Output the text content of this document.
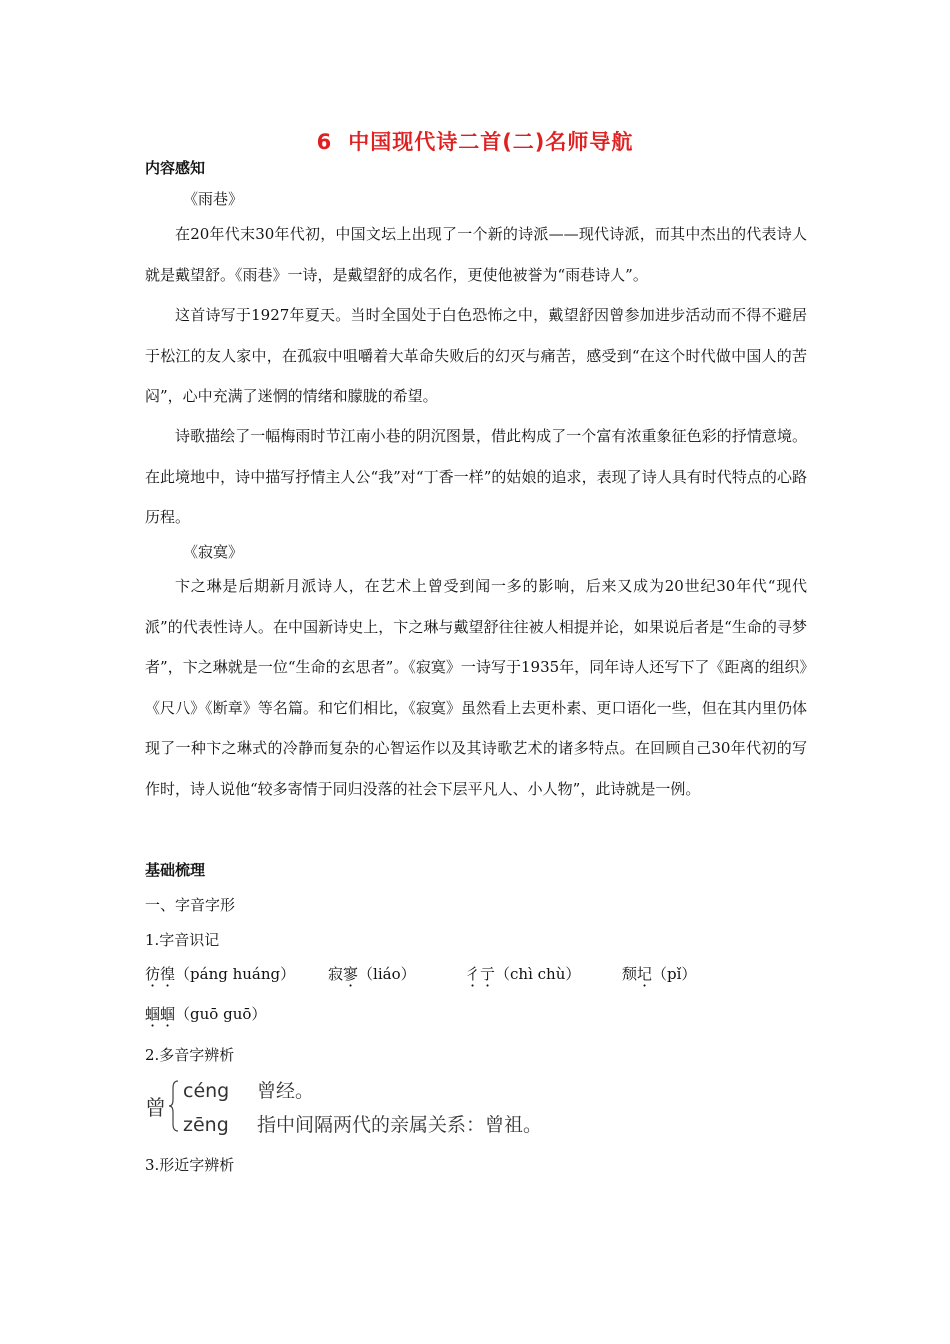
6 中国现代诗二首(二)名师导航
内容感知
《雨巷》

在20年代末30年代初，中国文坛上出现了一个新的诗派——现代诗派，而其中杰出的代表诗人就是戴望舒。《雨巷》一诗，是戴望舒的成名作，更使他被誉为“雨巷诗人”。

这首诗写于1927年夏天。当时全国处于白色恐怖之中，戴望舒因曾参加进步活动而不得不避居于松江的友人家中，在孤寂中咀嚼着大革命失败后的幻灭与痛苦，感受到“在这个时代做中国人的苦闷”，心中充满了迷惘的情绪和朦胧的希望。

诗歌描绘了一幅梅雨时节江南小巷的阴沉图景，借此构成了一个富有浓重象征色彩的抒情意境。在此境地中，诗中描写抒情主人公“我”对“丁香一样”的姑娘的追求，表现了诗人具有时代特点的心路历程。

《寂寞》

卞之琳是后期新月派诗人，在艺术上曾受到闻一多的影响，后来又成为20世纪30年代“现代派”的代表性诗人。在中国新诗史上，卞之琳与戴望舒往往被人相提并论，如果说后者是“生命的寻梦者”，卞之琳就是一位“生命的玄思者”。《寂寞》一诗写于1935年，同年诗人还写下了《距离的组织》《尺八》《断章》等名篇。和它们相比，《寂寞》虽然看上去更朴素、更口语化一些，但在其内里仍体现了一种卞之琳式的冷静而复杂的心智运作以及其诗歌艺术的诸多特点。在回顾自己30年代初的写作时，诗人说他“较多寄情于同归没落的社会下层平凡人、小人物”，此诗就是一例。

基础梳理
一、字音字形
1.字音识记
彷徨（páng huáng） 寂寥（liáo）	彳亍（chì chù）	颓圮（pǐ）
蝈蝈（guō guō）
2.多音字辨析
曾
céng 曾经。
zēng 指中间隔两代的亲属关系：曾祖。
3.形近字辨析
